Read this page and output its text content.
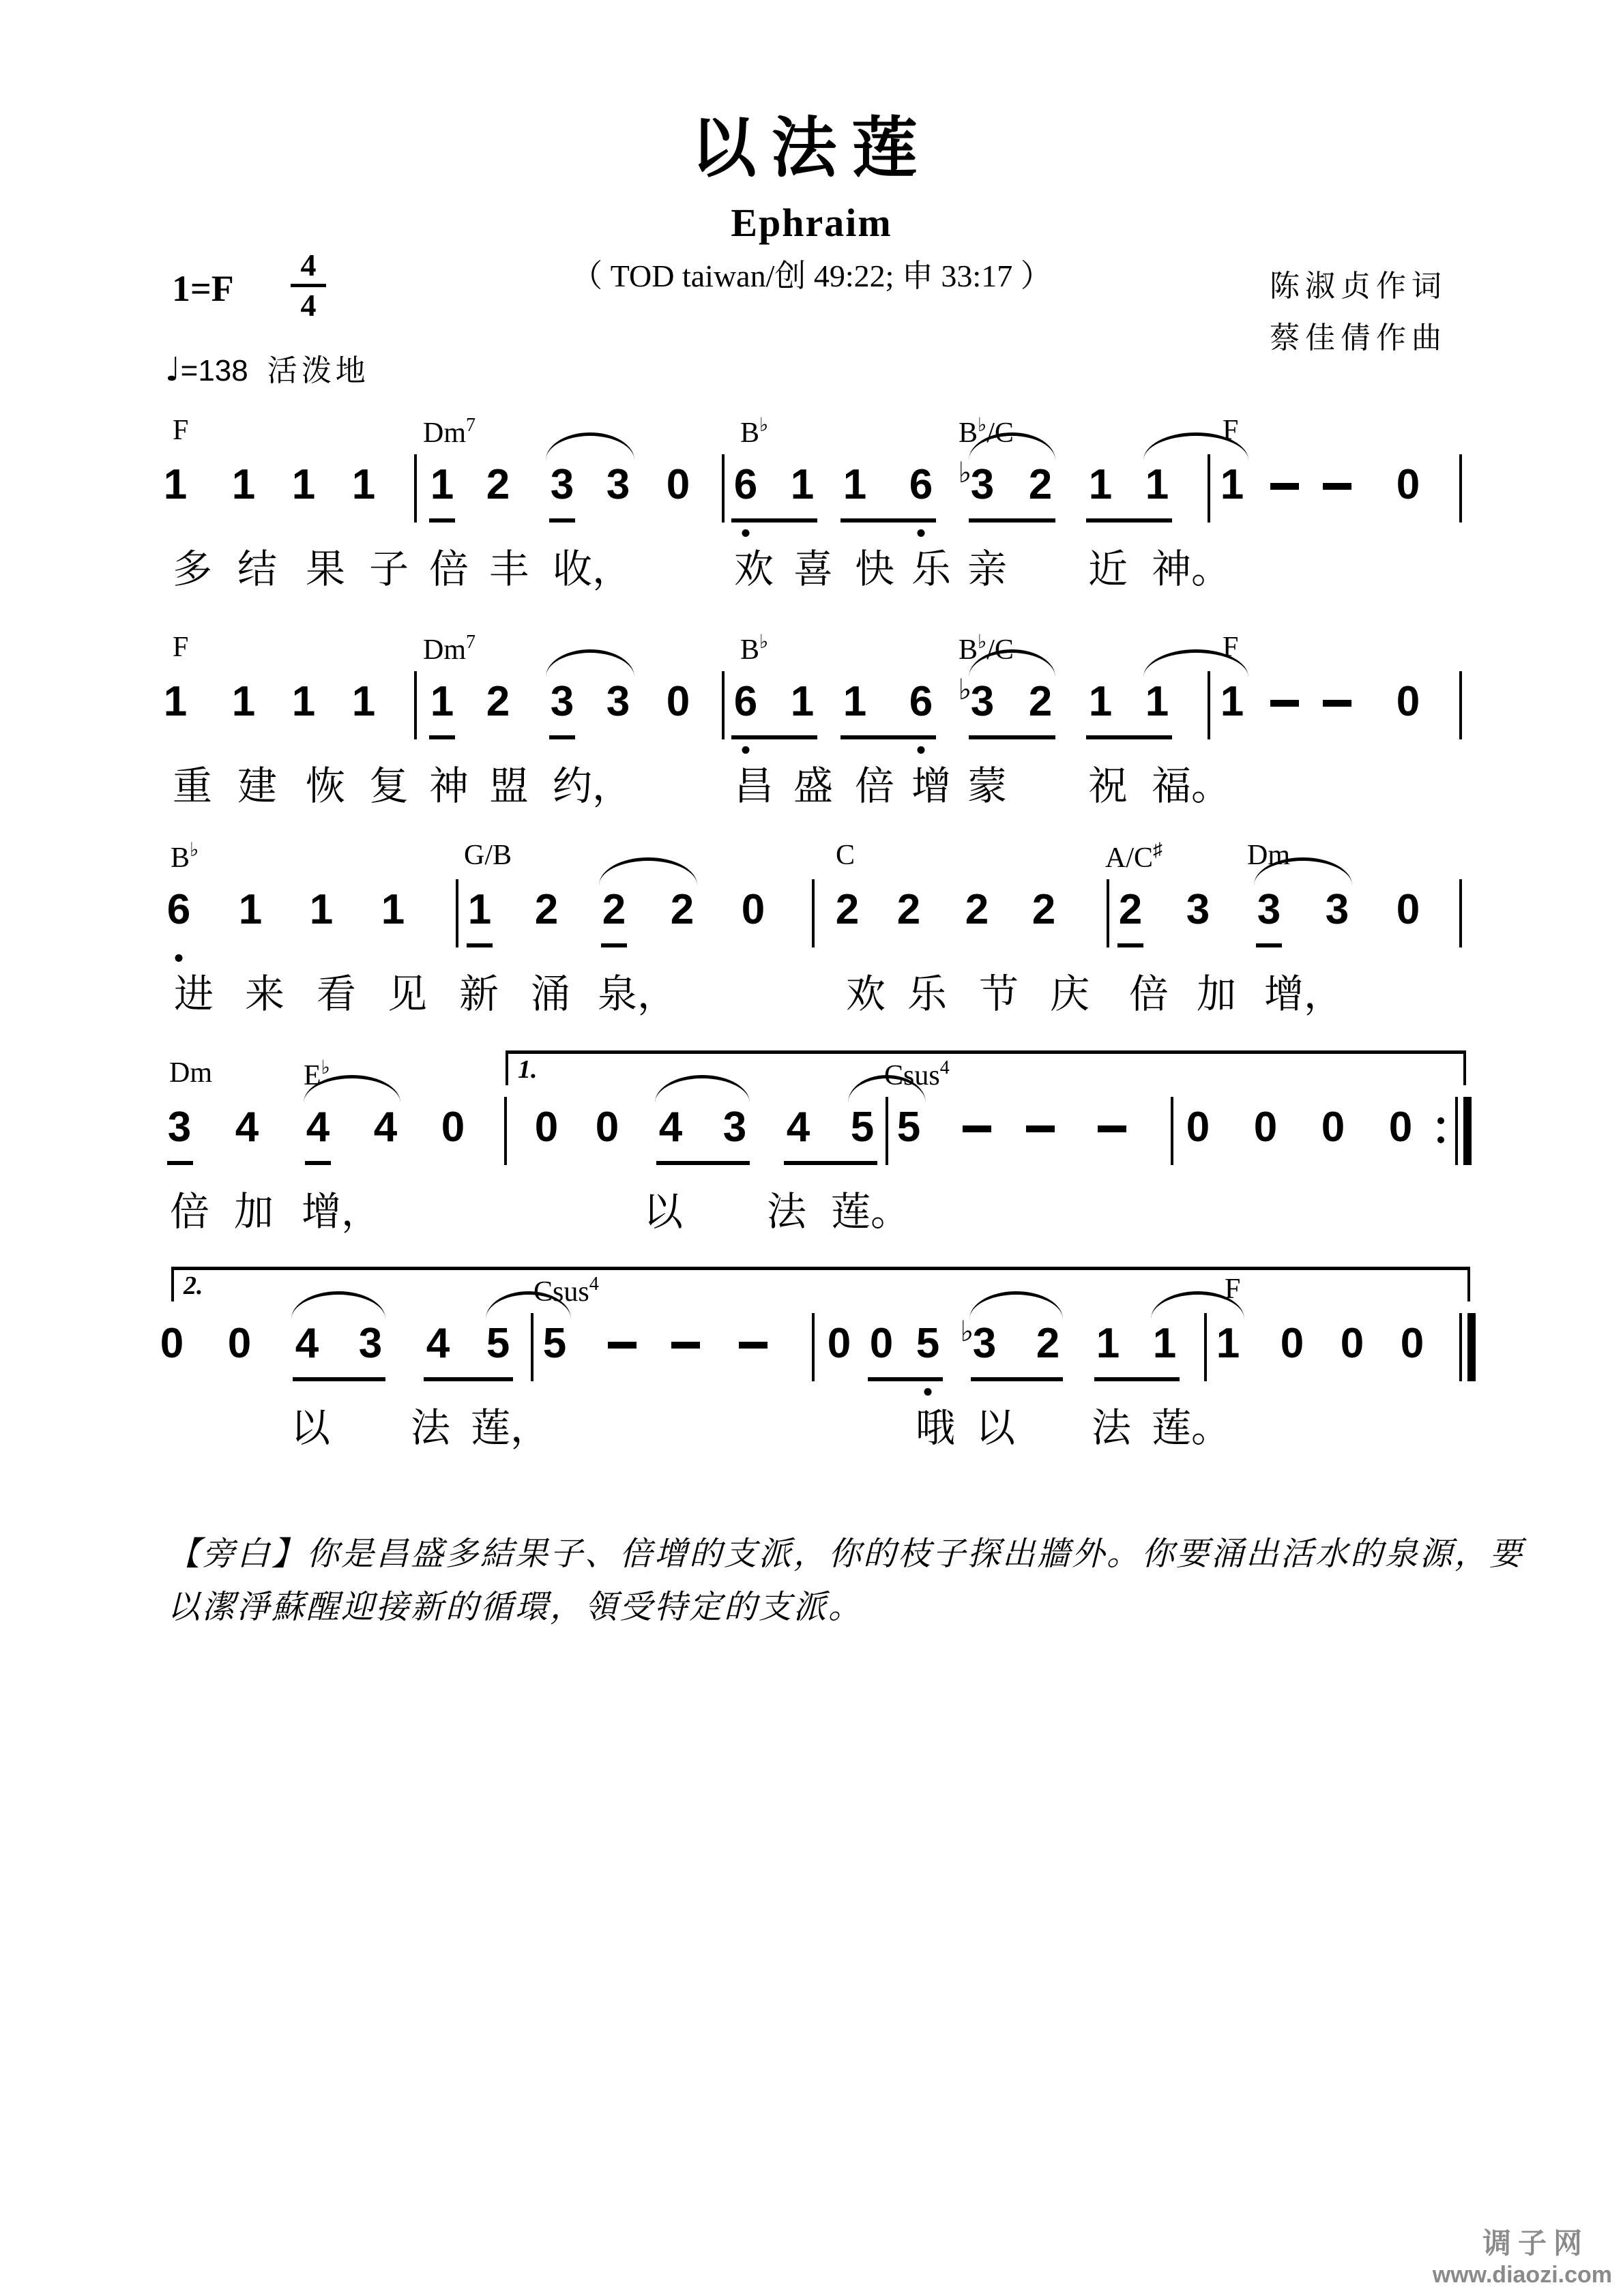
以法莲
Ephraim
（ TOD taiwan/创 49:22; 申 33:17 ）	陈淑贞作词
蔡佳倩作曲
1=F
4
4
♩=138 活泼地
F	Dm$^7$	B♭	B♭/C	F
1 1 1 1 1 2 3 3 0 6 1 1 6 ♭
3 2 1 1 1	0
多 结 果 子 倍 丰 收，	欢 喜 快 乐 亲 近 神。
F	Dm$^7$	B♭	B♭/C	F
1 1 1 1 1 2 3 3 0 6 1 1 6 ♭
3 2 1 1 1	0
重 建 恢 复 神 盟 约，	昌 盛 倍 增 蒙 祝 福。
B♭	G/B	C	A/C♯	Dm
6 1 1 1 1 2 2 2 0 2 2 2 2 2 3 3 3 0
进 来 看 见 新 涌 泉，	欢 乐 节 庆 倍 加 增，
1.
Dm	E♭	Csus$^4$
3 4 4 4 0 0 0 4 3 4 5 5	0 0 0 0
倍 加 增，	以 法 莲。
2.	Csus$^4$	F
0 0 4 3 4 5 5	0 0 5 ♭
3 2 1 1 1 0 0 0
以 法 莲，	哦 以 法 莲。
【旁白】你是昌盛多結果子、倍增的支派，你的枝子探出牆外。你要涌出活水的泉源，要
以潔淨蘇醒迎接新的循環，領受特定的支派。
调子网
www.diaozi.com
